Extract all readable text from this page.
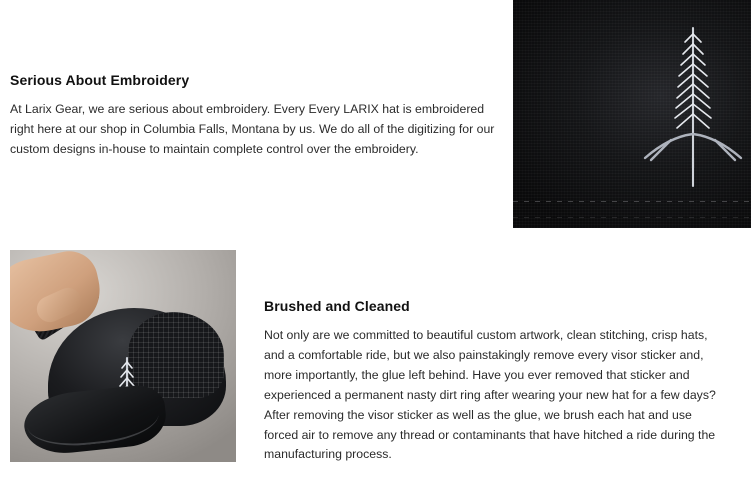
Serious About Embroidery

At Larix Gear, we are serious about embroidery. Every Every LARIX hat is embroidered right here at our shop in Columbia Falls, Montana by us. We do all of the digitizing for our custom designs in-house to maintain complete control over the embroidery.

Brushed and Cleaned

Not only are we committed to beautiful custom artwork, clean stitching, crisp hats, and a comfortable ride, but we also painstakingly remove every visor sticker and, more importantly, the glue left behind. Have you ever removed that sticker and experienced a permanent nasty dirt ring after wearing your new hat for a few days? After removing the visor sticker as well as the glue, we brush each hat and use forced air to remove any thread or contaminants that have hitched a ride during the manufacturing process.
